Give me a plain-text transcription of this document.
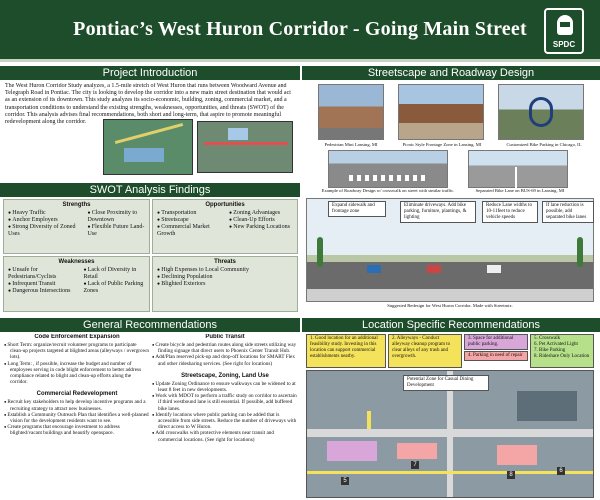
Pontiac’s West Huron Corridor - Going Main Street
SPDC
Project Introduction
The West Huron Corridor Study analyzes, a 1.5-mile stretch of West Huron that runs between Woodward Avenue and Telegraph Road in Pontiac. The city is looking to develop the corridor into a new main street destination that would act as an extension of its downtown. This study analyzes its socio-economic, building, zoning, commercial market, and a transportation conditions to understand the existing strengths, weaknesses, opportunities, and threats (SWOT) of the corridor. This analysis advises final recommendations, both short and long-term, that aspire to promote meaningful redevelopment along the corridor.
SWOT Analysis Findings
Strengths
● Heavy Traffic
● Anchor Employers
● Strong Diversity of Zoned Uses
● Close Proximity to Downtown
● Flexible Future Land-Use
Opportunities
● Transportation
● Streetscape
● Commercial Market Growth
● Zoning Advantages
● Clean-Up Efforts
● New Parking Locations
Weaknesses
● Unsafe for Pedestrians/Cyclists
● Infrequent Transit
● Dangerous Intersections
● Lack of Diversity in Retail
● Lack of Public Parking Zones
Threats
● High Expenses to Local Community
● Declining Population
● Blighted Exteriors
Streetscape and Roadway Design
Pedestrian Mini Lansing, MI	Picnic Style Frontage Zone in Lansing, MI	Customized Bike Parking in Chicago, IL
Example of Roadway Design w/ crosswalk on street with similar traffic.	Separated Bike Lane on BUS-69 in Lansing, MI
Expand sidewalk and frontage zone
Eliminate driveways. Add bike parking, furniture, plantings, & lighting
Reduce Lane widths to 10-11feet to reduce vehicle speeds
If lane reduction is possible, add separated bike lanes
Suggested Redesign for West Huron Corridor. Made with Streetmix.
General Recommendations
Code Enforcement Expansion
● Short Term: organize/recruit volunteer programs to participate clean-up projects targeted at blighted areas (alleyways / overgrown lots).
● Long Term: , if possible, increase the budget and number of employees serving in code blight enforcement to better address compliance related to blight and clean-up efforts along the corridor.
Commercial Redevelopment
● Recruit key stakeholders to help develop incentive programs and a recruiting strategy to attract new businesses.
● Establish a Community Outreach Plan that identifies a well-planned vision for the development residents want to see.
● Create programs that encourage investment to address blighted/vacant buildings and beautify openspace.
Public Transit
● Create bicycle and pedestrian routes along side streets utilizing way finding signage that direct users to Phoenix Center Transit Hub.
● Add/Plan reserved pick-up and drop-off locations for SMART Flex and other ridesharing services. (See right for locations)
Streetscape, Zoning, Land Use
● Update Zoning Ordinance to ensure walkways can be widened to at least 8 feet in new developments.
● Work with MDOT to perform a traffic study on corridor to ascertain if third westbound lane is still essential. If possible, add buffered bike lanes.
● Identify locations where public parking can be added that is accessible from side streets. Reduce the number of driveways with direct access to W Huron.
● Add crosswalks with protective elements near transit and commercial locations. (See right for locations)
Location Specific Recommendations
1. Good location for an additional feasibility study. Investing in this location can support commercial establishments nearby.
2. Alleyways - Conduct alleyway cleanup program to clear alleys of any trash and overgrowth.
3. Space for additional public parking.
4. Parking in need of repair
5. Crosswalk
6. Pet Activated Light
7. Bike Parking
8. Rideshare Only Location
5
7
8
6
Potential Zone for Casual Dining Development
